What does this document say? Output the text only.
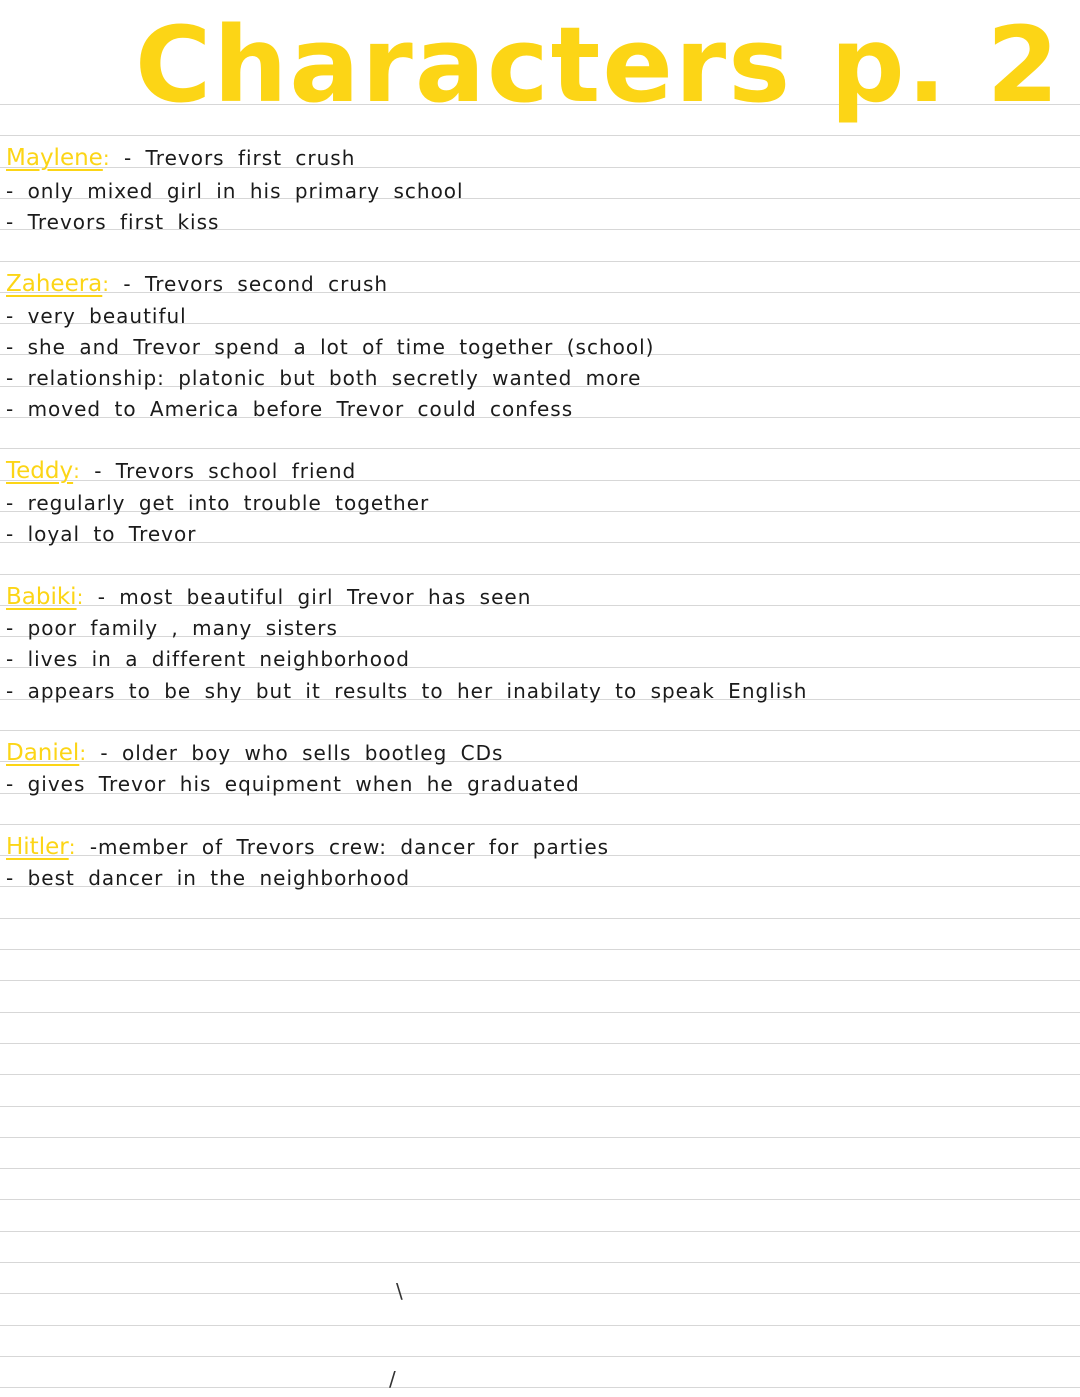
Characters p. 2
Maylene: - Trevors first crush
- only mixed girl in his primary school
- Trevors first kiss
Zaheera: - Trevors second crush
- very beautiful
- she and Trevor spend a lot of time together (school)
- relationship: platonic but both secretly wanted more
- moved to America before Trevor could confess
Teddy: - Trevors school friend
- regularly get into trouble together
- loyal to Trevor
Babiki: - most beautiful girl Trevor has seen
- poor family , many sisters
- lives in a different neighborhood
- appears to be shy but it results to her inabilaty to speak English
Daniel: - older boy who sells bootleg CDs
- gives Trevor his equipment when he graduated
Hitler: -member of Trevors crew: dancer for parties
- best dancer in the neighborhood
\
/
